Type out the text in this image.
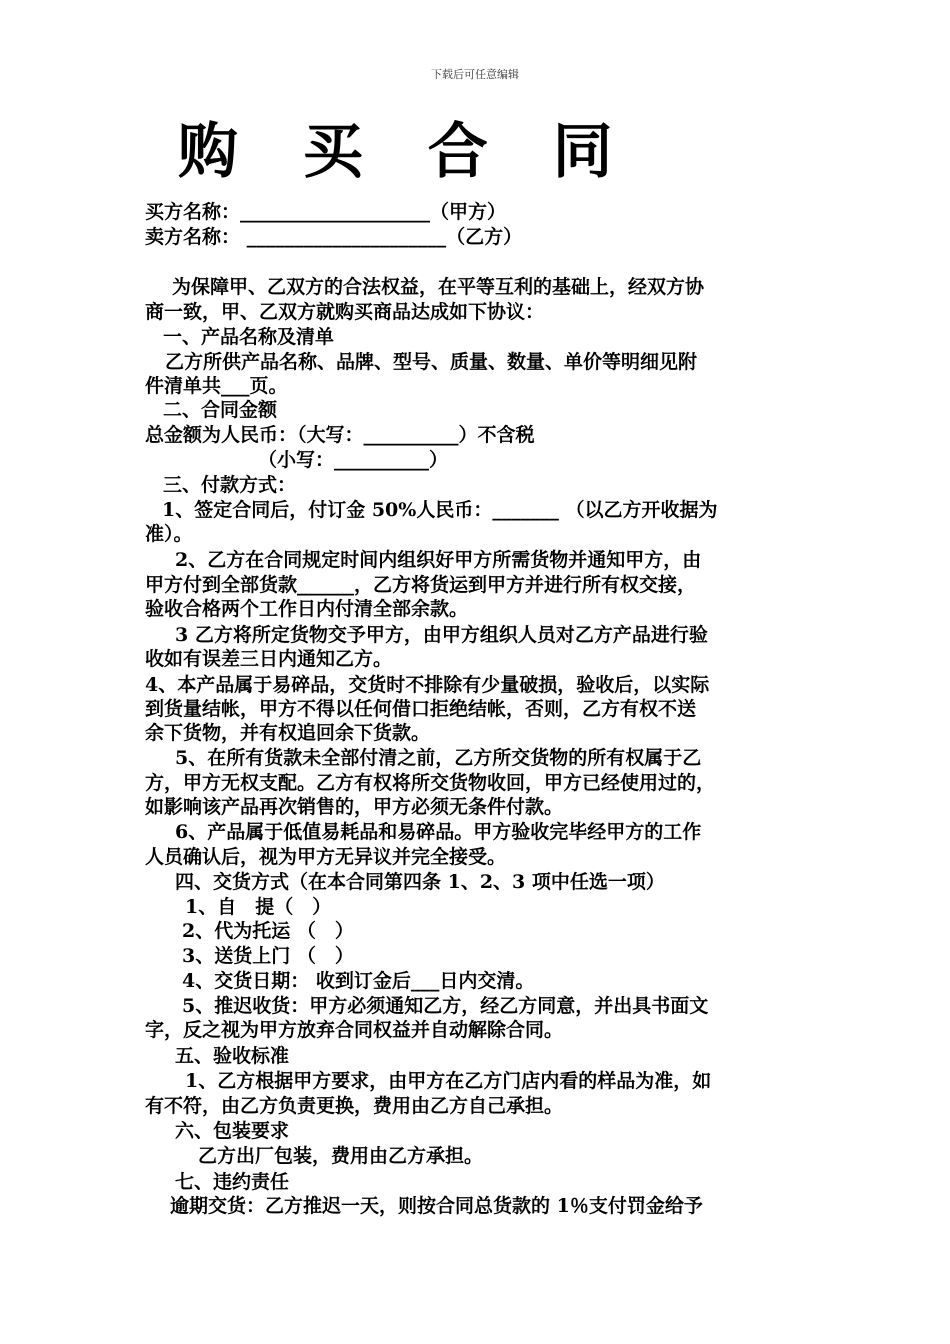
下载后可任意编辑
购 买 合 同
买方名称：____________________（甲方）
卖方名称： _____________________（乙方）
为保障甲、乙双方的合法权益，在平等互利的基础上，经双方协
商一致，甲、乙双方就购买商品达成如下协议：
一、产品名称及清单
乙方所供产品名称、品牌、型号、质量、数量、单价等明细见附
件清单共___页。
二、合同金额
总金额为人民币：（大写：__________）不含税
（小写：__________）
三、付款方式：
1、签定合同后，付订金 50%人民币：_______ （以乙方开收据为
准）。
2、乙方在合同规定时间内组织好甲方所需货物并通知甲方，由
甲方付到全部货款______，乙方将货运到甲方并进行所有权交接，
验收合格两个工作日内付清全部余款。
3 乙方将所定货物交予甲方，由甲方组织人员对乙方产品进行验
收如有误差三日内通知乙方。
4、本产品属于易碎品，交货时不排除有少量破损，验收后，以实际
到货量结帐，甲方不得以任何借口拒绝结帐，否则，乙方有权不送
余下货物，并有权追回余下货款。
5、在所有货款未全部付清之前，乙方所交货物的所有权属于乙
方，甲方无权支配。乙方有权将所交货物收回，甲方已经使用过的，
如影响该产品再次销售的，甲方必须无条件付款。
6、产品属于低值易耗品和易碎品。甲方验收完毕经甲方的工作
人员确认后，视为甲方无异议并完全接受。
四、交货方式（在本合同第四条 1、2、3 项中任选一项）
1、自　提（　）
2、代为托运 （　）
3、送货上门 （　）
4、交货日期： 收到订金后___日内交清。
5、推迟收货：甲方必须通知乙方，经乙方同意，并出具书面文
字，反之视为甲方放弃合同权益并自动解除合同。
五、验收标准
1、乙方根据甲方要求，由甲方在乙方门店内看的样品为准，如
有不符，由乙方负责更换，费用由乙方自己承担。
六、包装要求
乙方出厂包装，费用由乙方承担。
七、违约责任
逾期交货：乙方推迟一天，则按合同总货款的 1％支付罚金给予
